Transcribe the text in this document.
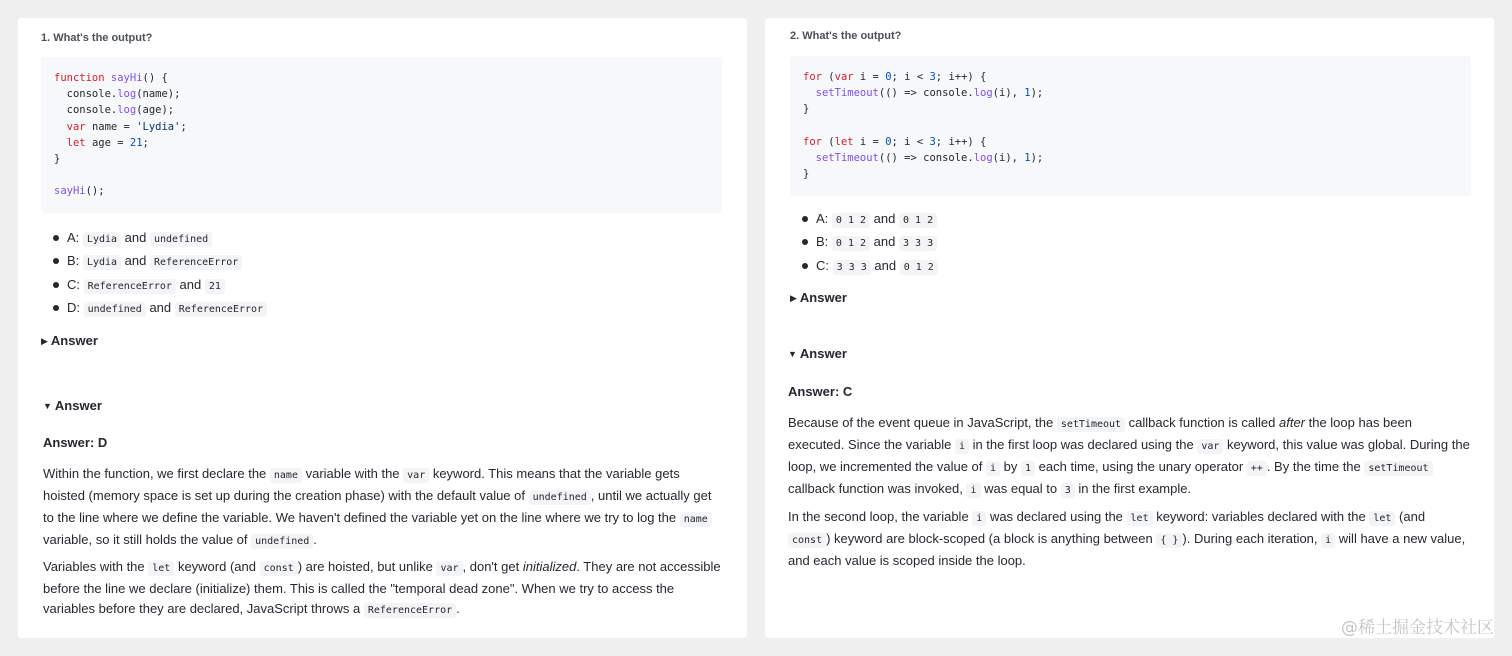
1. What's the output?
function sayHi() {
console.log(name);
console.log(age);
var name = 'Lydia';
let age = 21;
}

sayHi();
A: Lydia and undefined
B: Lydia and ReferenceError
C: ReferenceError and 21
D: undefined and ReferenceError
▶ Answer
▼ Answer
Answer: D

Within the function, we first declare the name variable with the var keyword. This means that the variable gets hoisted (memory space is set up during the creation phase) with the default value of undefined , until we actually get to the line where we define the variable. We haven't defined the variable yet on the line where we try to log the name variable, so it still holds the value of undefined .

Variables with the let keyword (and const ) are hoisted, but unlike var , don't get initialized. They are not accessible before the line we declare (initialize) them. This is called the "temporal dead zone". When we try to access the variables before they are declared, JavaScript throws a ReferenceError .

2. What's the output?
for (var i = 0; i < 3; i++) {
setTimeout(() => console.log(i), 1);
}

for (let i = 0; i < 3; i++) {
setTimeout(() => console.log(i), 1);
}
A: 0 1 2 and 0 1 2
B: 0 1 2 and 3 3 3
C: 3 3 3 and 0 1 2
▶ Answer
▼ Answer
Answer: C

Because of the event queue in JavaScript, the setTimeout callback function is called after the loop has been executed. Since the variable i in the first loop was declared using the var keyword, this value was global. During the loop, we incremented the value of i by 1 each time, using the unary operator ++ . By the time the setTimeout callback function was invoked, i was equal to 3 in the first example.

In the second loop, the variable i was declared using the let keyword: variables declared with the let (and const ) keyword are block-scoped (a block is anything between { } ). During each iteration, i will have a new value, and each value is scoped inside the loop.

@稀土掘金技术社区
